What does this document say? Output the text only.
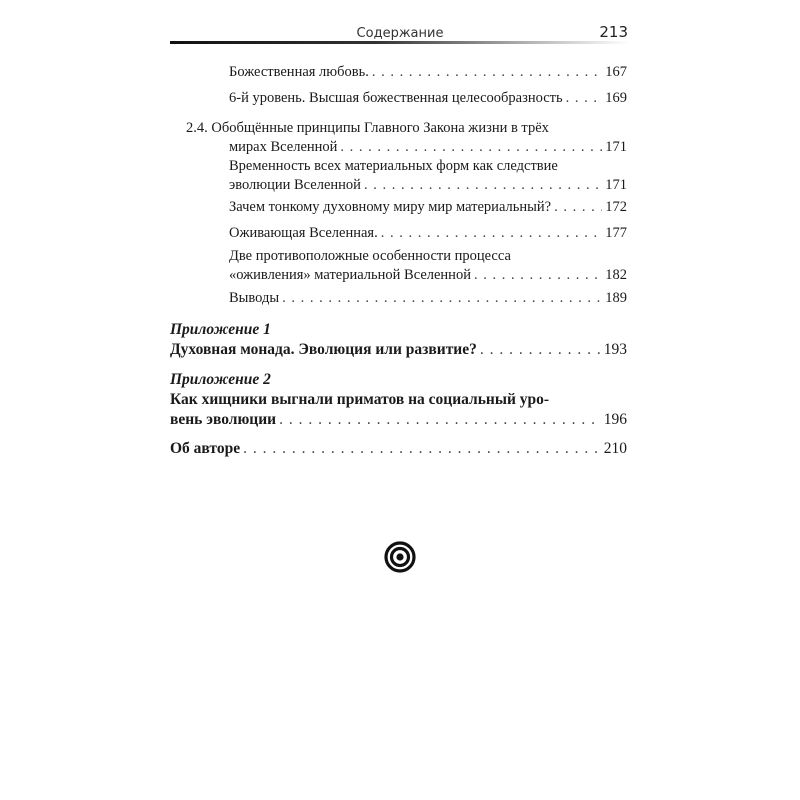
Содержание	213
Божественная любовь. . . .	167
6-й уровень. Высшая божественная целесообразность . . .	169
2.4. Обобщённые принципы Главного Закона жизни в трёх
мирах Вселенной . . .	171
Временность всех материальных форм как следствие
эволюции Вселенной . . .	171
Зачем тонкому духовному миру мир материальный? . . .	172
Оживающая Вселенная. . . .	177
Две противоположные особенности процесса
«оживления» материальной Вселенной . . .	182
Выводы . . .	189
Приложение 1
Духовная монада. Эволюция или развитие? . . .	193
Приложение 2
Как хищники выгнали приматов на социальный уро-
вень эволюции . . .	196
Об авторе . . .	210
